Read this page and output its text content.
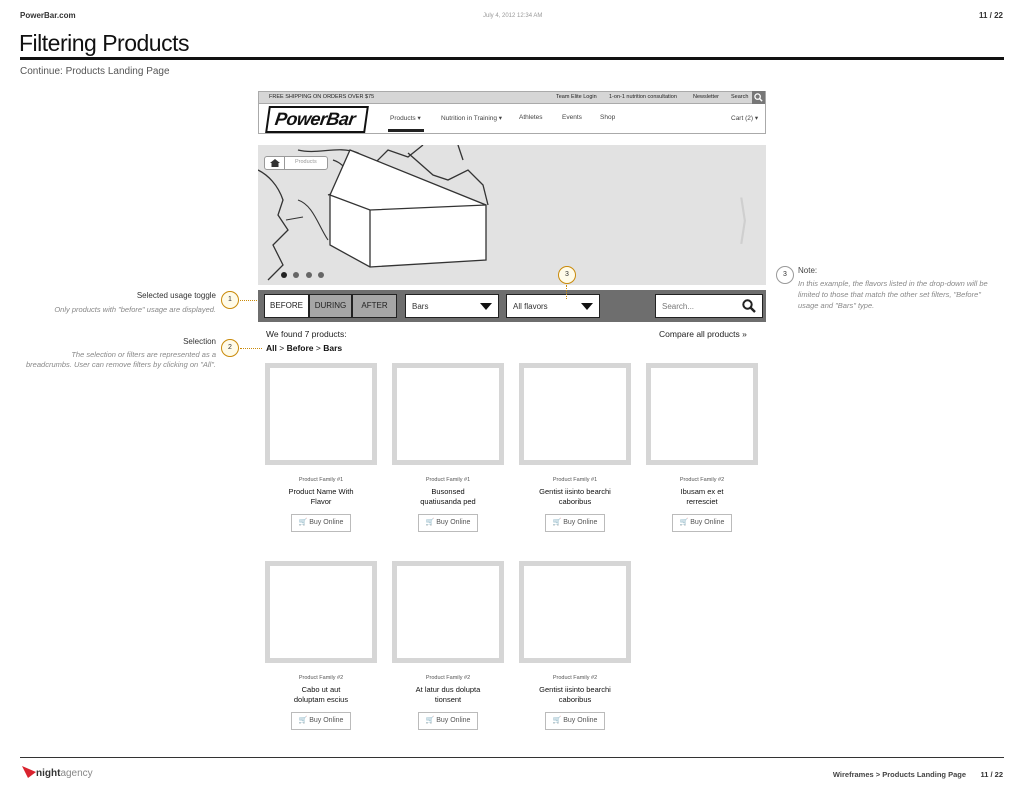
PowerBar.com	July 4, 2012 12:34 AM	11 / 22
Filtering Products
Continue: Products Landing Page
FREE SHIPPING ON ORDERS OVER $75	Team Elite Login 1-on-1 nutrition consultation	Newsletter Search
PowerBar	Products ▾	Nutrition in Training ▾	Athletes	Events	Shop	Cart (2) ▾
Products
⟩

BEFORE	DURING	AFTER	Bars	All flavors	Search...
We found 7 products:	Compare all products »
All > Before > Bars
Product Family #1	Product Family #1	Product Family #1	Product Family #2
Product Name With Flavor
Busonsed quatiusanda ped
Gentist iisinto bearchi caboribus
Ibusam ex et rerresciet
🛒 Buy Online	🛒 Buy Online	🛒 Buy Online	🛒 Buy Online
Product Family #2	Product Family #2	Product Family #2
Cabo ut aut doluptam escius
At latur dus dolupta tionsent
Gentist iisinto bearchi caboribus
🛒 Buy Online	🛒 Buy Online	🛒 Buy Online
Selected usage toggle
Only products with "before" usage are displayed.
1
Selection
The selection or filters are represented as a breadcrumbs. User can remove filters by clicking on "All".
2
3	3	Note:
In this example, the flavors listed in the drop-down will be limited to those that match the other set filters, "Before" usage and "Bars" type.
nightagency	Wireframes > Products Landing Page 11 / 22
